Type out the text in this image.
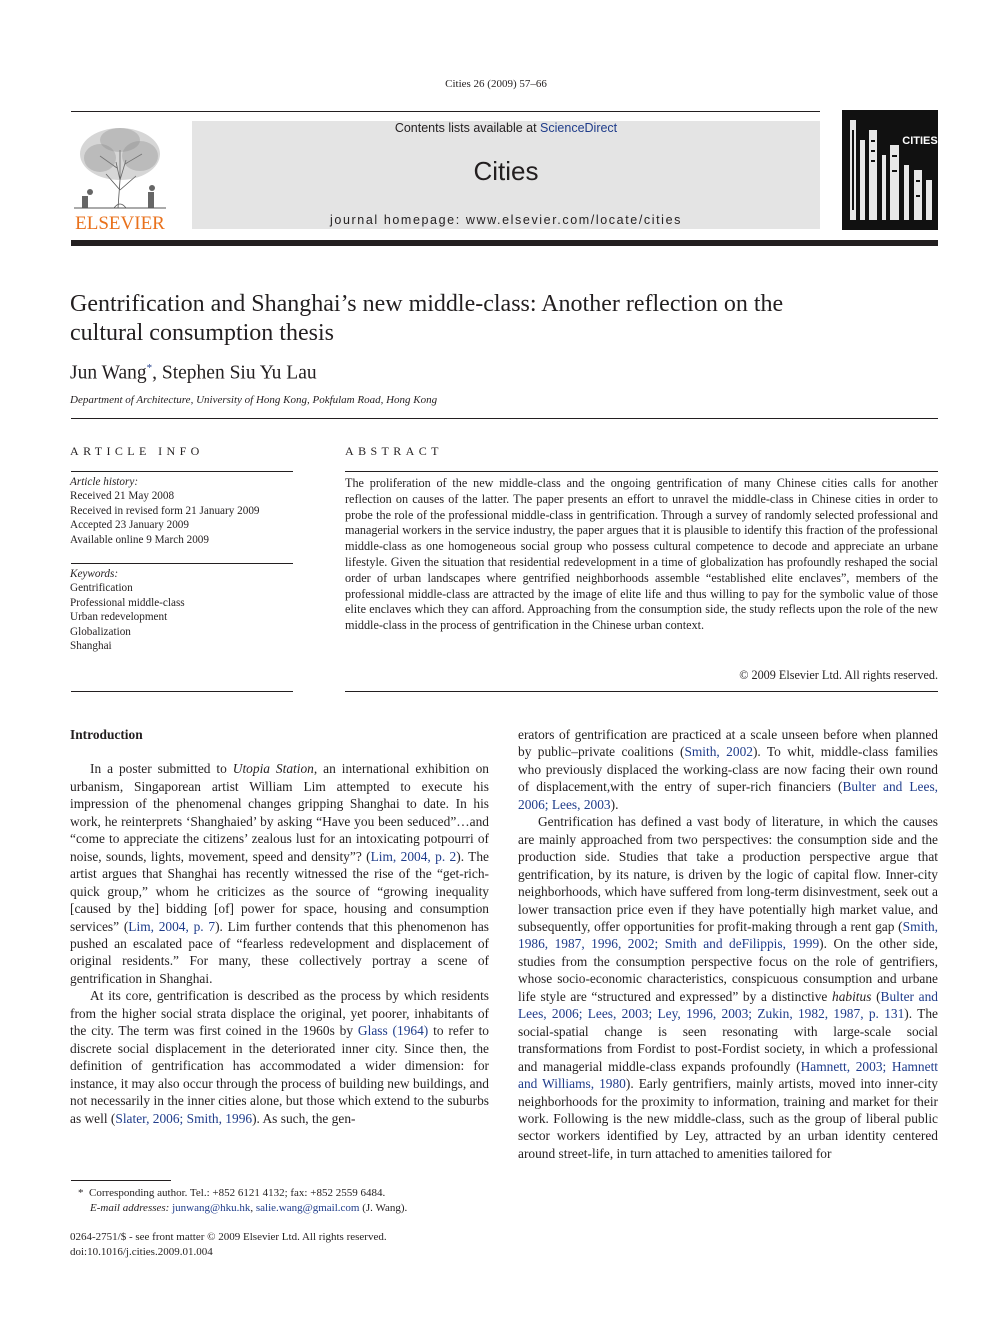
Cities 26 (2009) 57–66
ELSEVIER
Contents lists available at ScienceDirect
Cities
journal homepage: www.elsevier.com/locate/cities
CITIES
Gentrification and Shanghai’s new middle-class: Another reflection on the cultural consumption thesis
Jun Wang*, Stephen Siu Yu Lau
Department of Architecture, University of Hong Kong, Pokfulam Road, Hong Kong
ARTICLE INFO	ABSTRACT
Article history:
Received 21 May 2008
Received in revised form 21 January 2009
Accepted 23 January 2009
Available online 9 March 2009
Keywords:
Gentrification
Professional middle-class
Urban redevelopment
Globalization
Shanghai
The proliferation of the new middle-class and the ongoing gentrification of many Chinese cities calls for another reflection on causes of the latter. The paper presents an effort to unravel the middle-class in Chinese cities in order to probe the role of the professional middle-class in gentrification. Through a survey of randomly selected professional and managerial workers in the service industry, the paper argues that it is plausible to identify this fraction of the professional middle-class as one homogeneous social group who possess cultural competence to decode and appreciate an urbane lifestyle. Given the situation that residential redevelopment in a time of globalization has profoundly reshaped the social order of urban landscapes where gentrified neighborhoods assemble “established elite enclaves”, members of the professional middle-class are attracted by the image of elite life and thus willing to pay for the symbolic value of those elite enclaves which they can afford. Approaching from the consumption side, the study reflects upon the role of the new middle-class in the process of gentrification in the Chinese urban context.
© 2009 Elsevier Ltd. All rights reserved.
Introduction

In a poster submitted to Utopia Station, an international exhibition on urbanism, Singaporean artist William Lim attempted to execute his impression of the phenomenal changes gripping Shanghai to date. In his work, he reinterprets ‘Shanghaied’ by asking “Have you been seduced”…and “come to appreciate the citizens’ zealous lust for an intoxicating potpourri of noise, sounds, lights, movement, speed and density”? (Lim, 2004, p. 2). The artist argues that Shanghai has recently witnessed the rise of the “get-rich-quick group,” whom he criticizes as the source of “growing inequality [caused by the] bidding [of] power for space, housing and consumption services” (Lim, 2004, p. 7). Lim further contends that this phenomenon has pushed an escalated pace of “fearless redevelopment and displacement of original residents.” For many, these collectively portray a scene of gentrification in Shanghai.

At its core, gentrification is described as the process by which residents from the higher social strata displace the original, yet poorer, inhabitants of the city. The term was first coined in the 1960s by Glass (1964) to refer to discrete social displacement in the deteriorated inner city. Since then, the definition of gentrification has accommodated a wider dimension: for instance, it may also occur through the process of building new buildings, and not necessarily in the inner cities alone, but those which extend to the suburbs as well (Slater, 2006; Smith, 1996). As such, the gen-

erators of gentrification are practiced at a scale unseen before when planned by public–private coalitions (Smith, 2002). To whit, middle-class families who previously displaced the working-class are now facing their own round of displacement,with the entry of super-rich financiers (Bulter and Lees, 2006; Lees, 2003).

Gentrification has defined a vast body of literature, in which the causes are mainly approached from two perspectives: the consumption side and the production side. Studies that take a production perspective argue that gentrification, by its nature, is driven by the logic of capital flow. Inner-city neighborhoods, which have suffered from long-term disinvestment, seek out a lower transaction price even if they have potentially high market value, and subsequently, offer opportunities for profit-making through a rent gap (Smith, 1986, 1987, 1996, 2002; Smith and deFilippis, 1999). On the other side, studies from the consumption perspective focus on the role of gentrifiers, whose socio-economic characteristics, conspicuous consumption and urbane life style are “structured and expressed” by a distinctive habitus (Bulter and Lees, 2006; Lees, 2003; Ley, 1996, 2003; Zukin, 1982, 1987, p. 131). The social-spatial change is seen resonating with large-scale social transformations from Fordist to post-Fordist society, in which a professional and managerial middle-class expands profoundly (Hamnett, 2003; Hamnett and Williams, 1980). Early gentrifiers, mainly artists, moved into inner-city neighborhoods for the proximity to information, training and market for their work. Following is the new middle-class, such as the group of liberal public sector workers identified by Ley, attracted by an urban identity centered around street-life, in turn attached to amenities tailored for

* Corresponding author. Tel.: +852 6121 4132; fax: +852 2559 6484.
E-mail addresses: junwang@hku.hk, salie.wang@gmail.com (J. Wang).
0264-2751/$ - see front matter © 2009 Elsevier Ltd. All rights reserved.
doi:10.1016/j.cities.2009.01.004
